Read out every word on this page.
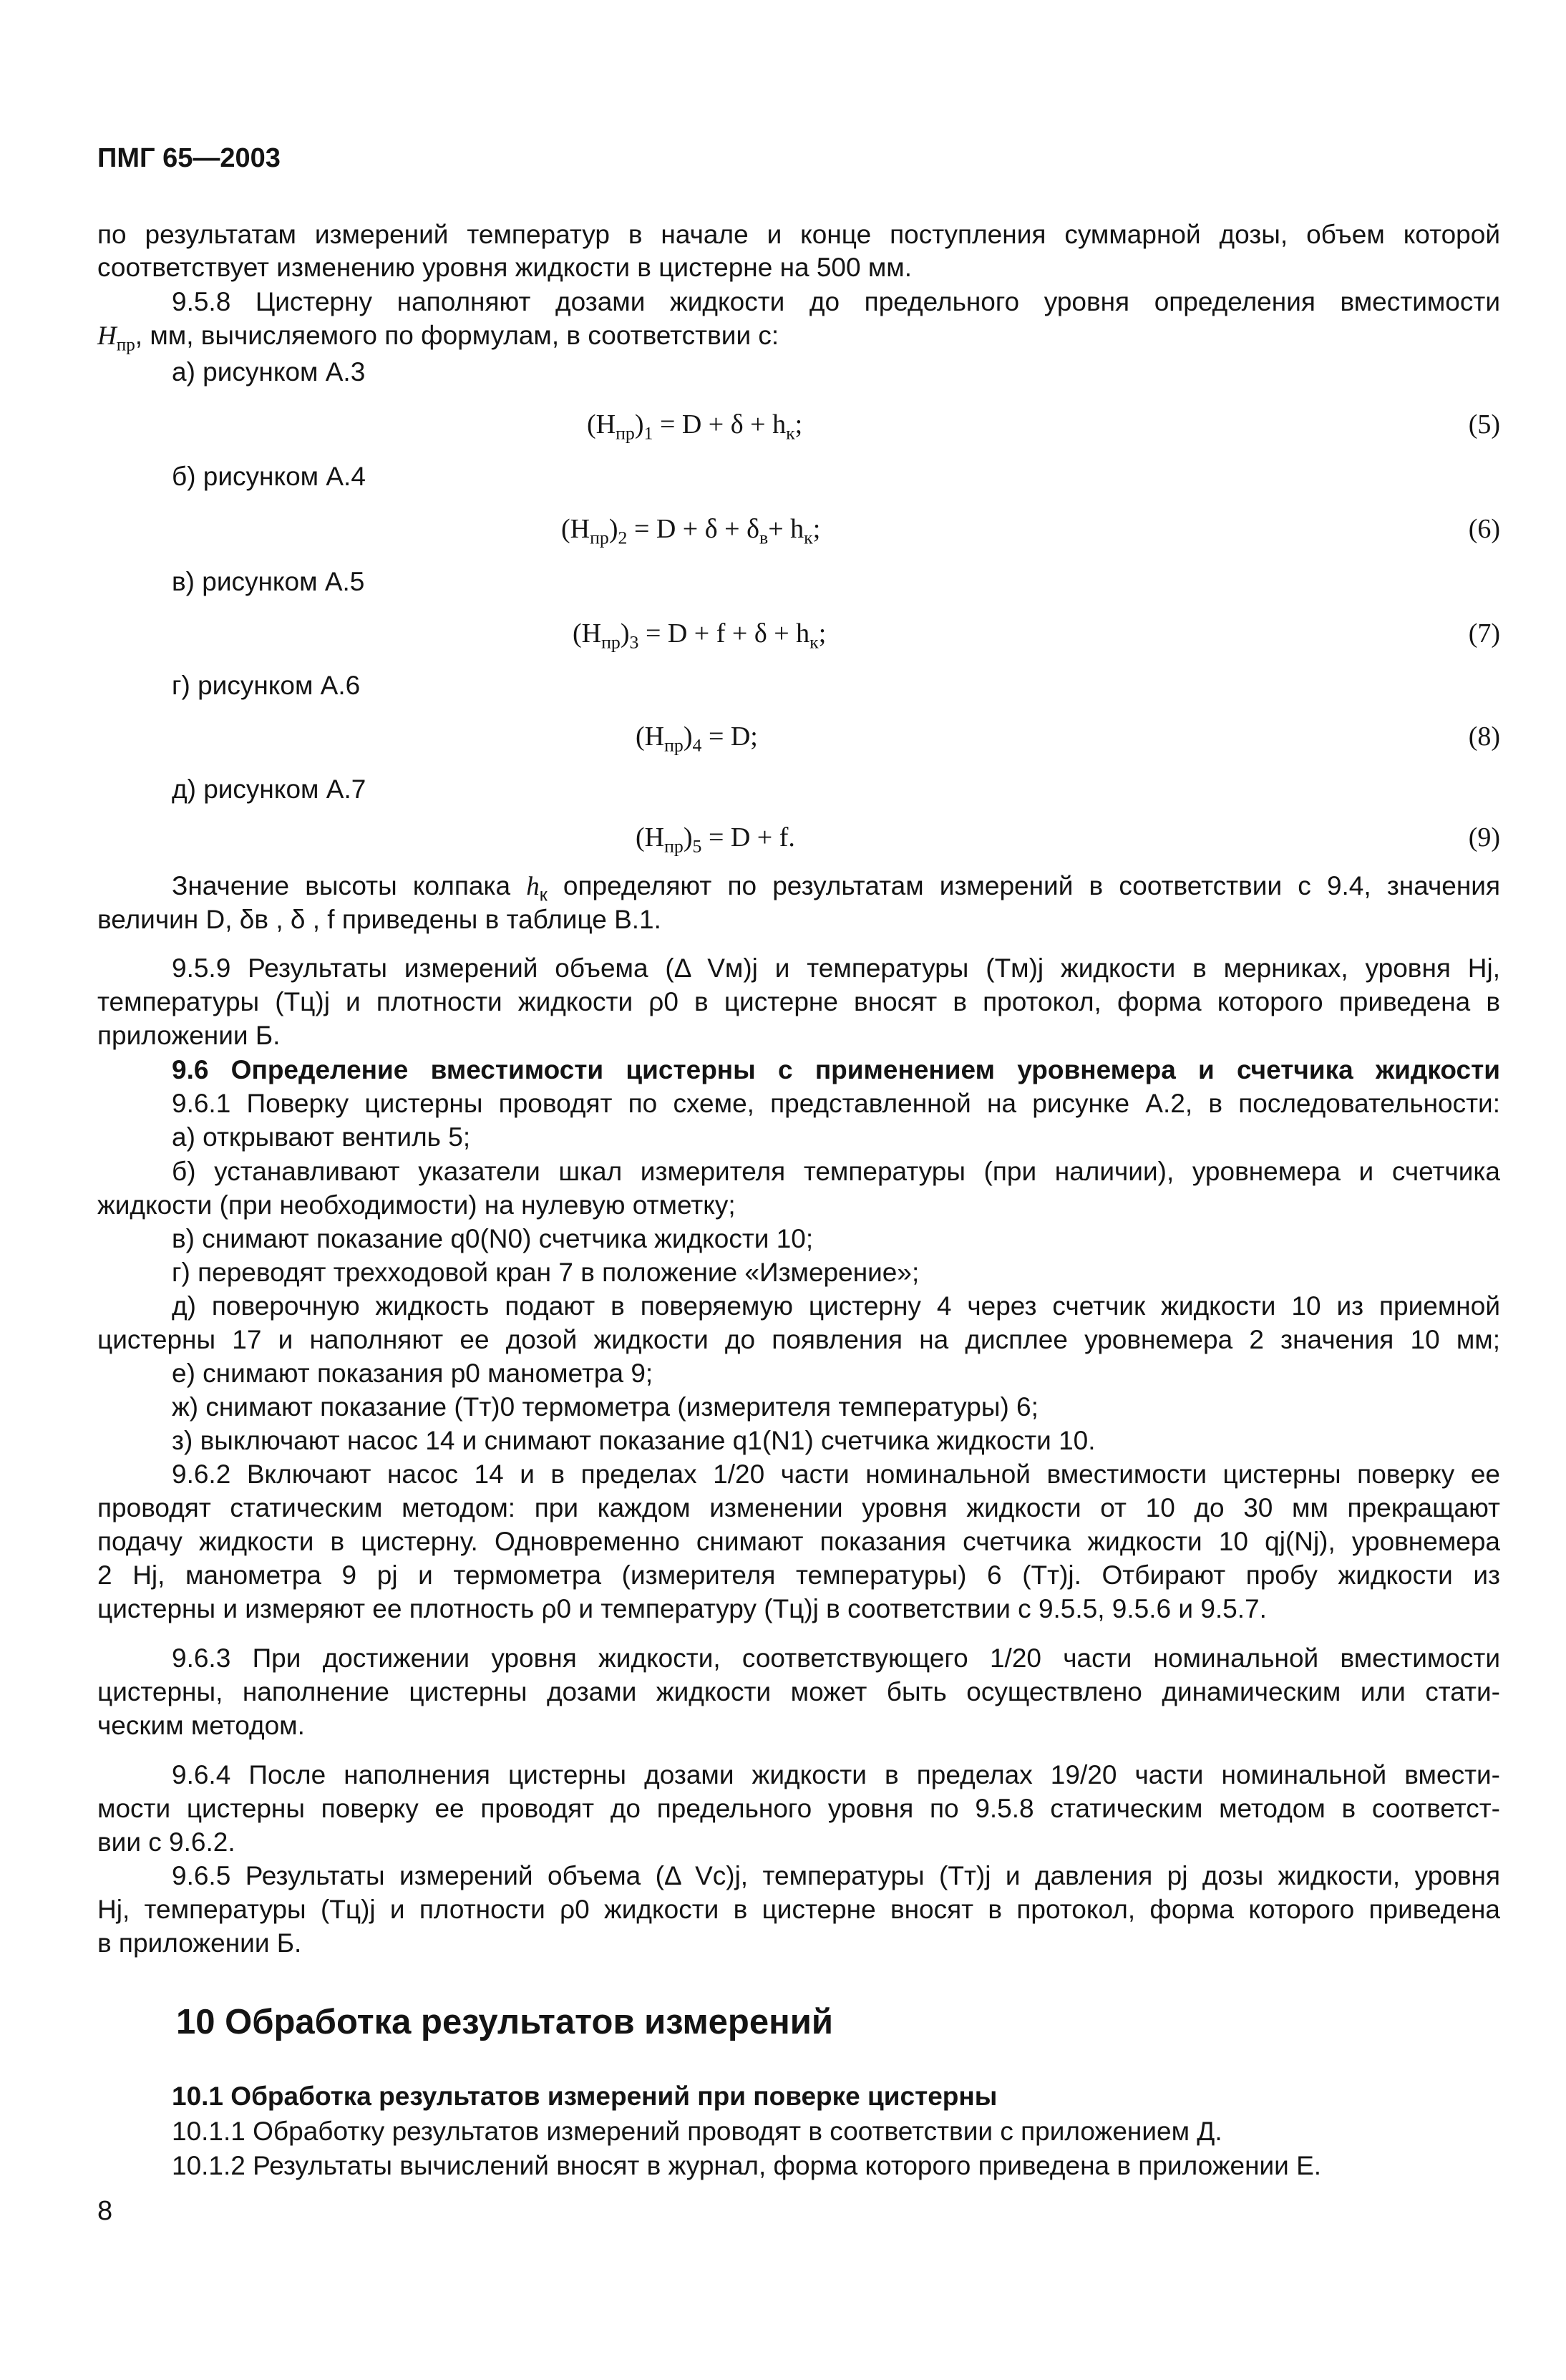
ПМГ 65—2003
по результатам измерений температур в начале и конце поступления суммарной дозы, объем которой
соответствует изменению уровня жидкости в цистерне на 500 мм.
9.5.8 Цистерну наполняют дозами жидкости до предельного уровня определения вместимости
$H_{пр}$, мм, вычисляемого по формулам, в соответствии с:
а) рисунком А.3
$(H_{пр})_1 = D + \delta + h_к$;	(5)
б) рисунком А.4
$(H_{пр})_2 = D + \delta + \delta_в+ h_к$;	(6)
в) рисунком А.5
$(H_{пр})_3 = D + f + \delta + h_к$;	(7)
г) рисунком А.6
$(H_{пр})_4 = D$;	(8)
д) рисунком А.7
$(H_{пр})_5 = D + f$.	(9)
Значение высоты колпака $h_к$ определяют по результатам измерений в соответствии с 9.4, значения
величин D, δв , δ , f приведены в таблице В.1.
9.5.9 Результаты измерений объема (Δ Vм)j и температуры (Tм)j жидкости в мерниках, уровня Hj,
температуры (Tц)j и плотности жидкости ρ0 в цистерне вносят в протокол, форма которого приведена в
приложении Б.
9.6 Определение вместимости цистерны с применением уровнемера и счетчика жидкости
9.6.1 Поверку цистерны проводят по схеме, представленной на рисунке А.2, в последовательности:
а) открывают вентиль 5;
б) устанавливают указатели шкал измерителя температуры (при наличии), уровнемера и счетчика
жидкости (при необходимости) на нулевую отметку;
в) снимают показание q0(N0) счетчика жидкости 10;
г) переводят трехходовой кран 7 в положение «Измерение»;
д) поверочную жидкость подают в поверяемую цистерну 4 через счетчик жидкости 10 из приемной
цистерны 17 и наполняют ее дозой жидкости до появления на дисплее уровнемера 2 значения 10 мм;
е) снимают показания p0 манометра 9;
ж) снимают показание (Tт)0 термометра (измерителя температуры) 6;
з) выключают насос 14 и снимают показание q1(N1) счетчика жидкости 10.
9.6.2 Включают насос 14 и в пределах 1/20 части номинальной вместимости цистерны поверку ее
проводят статическим методом: при каждом изменении уровня жидкости от 10 до 30 мм прекращают
подачу жидкости в цистерну. Одновременно снимают показания счетчика жидкости 10 qj(Nj), уровнемера
2 Hj, манометра 9 pj и термометра (измерителя температуры) 6 (Tт)j. Отбирают пробу жидкости из
цистерны и измеряют ее плотность ρ0 и температуру (Tц)j в соответствии с 9.5.5, 9.5.6 и 9.5.7.
9.6.3 При достижении уровня жидкости, соответствующего 1/20 части номинальной вместимости
цистерны, наполнение цистерны дозами жидкости может быть осуществлено динамическим или стати-
ческим методом.
9.6.4 После наполнения цистерны дозами жидкости в пределах 19/20 части номинальной вмести-
мости цистерны поверку ее проводят до предельного уровня по 9.5.8 статическим методом в соответст-
вии с 9.6.2.
9.6.5 Результаты измерений объема (Δ Vс)j, температуры (Tт)j и давления pj дозы жидкости, уровня
Hj, температуры (Tц)j и плотности ρ0 жидкости в цистерне вносят в протокол, форма которого приведена
в приложении Б.
10 Обработка результатов измерений
10.1 Обработка результатов измерений при поверке цистерны
10.1.1 Обработку результатов измерений проводят в соответствии с приложением Д.
10.1.2 Результаты вычислений вносят в журнал, форма которого приведена в приложении Е.
8
